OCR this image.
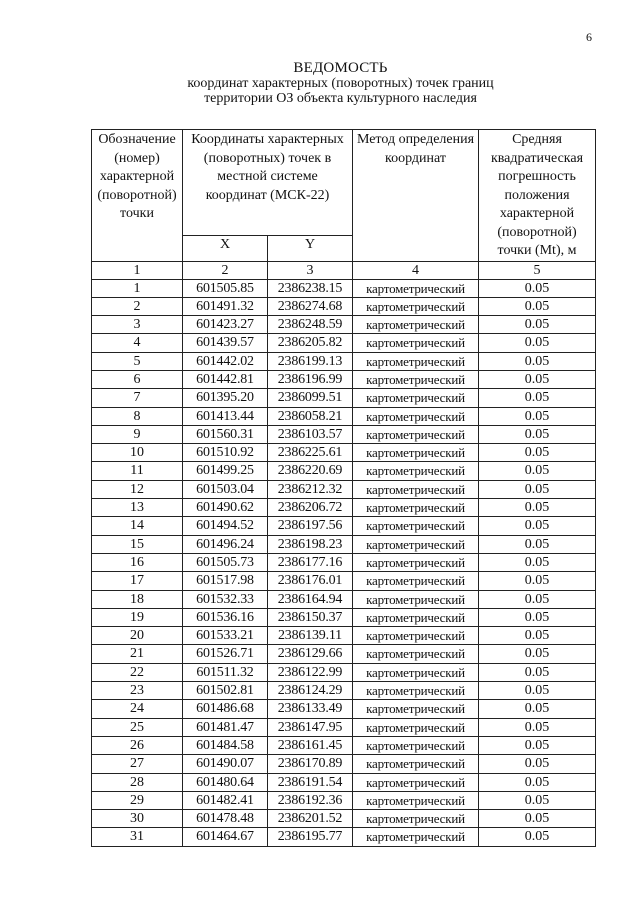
6
ВЕДОМОСТЬ
координат характерных (поворотных) точек границ
территории ОЗ объекта культурного наследия
Обозначение (номер) характерной (поворотной) точки	Координаты характерных (поворотных) точек в местной системе координат (МСК-22)		Метод определения координат	Средняя квадратическая погрешность положения характерной (поворотной) точки (Mt), м
	X	Y		
1	2	3	4	5
1	601505.85	2386238.15	картометрический	0.05
2	601491.32	2386274.68	картометрический	0.05
3	601423.27	2386248.59	картометрический	0.05
4	601439.57	2386205.82	картометрический	0.05
5	601442.02	2386199.13	картометрический	0.05
6	601442.81	2386196.99	картометрический	0.05
7	601395.20	2386099.51	картометрический	0.05
8	601413.44	2386058.21	картометрический	0.05
9	601560.31	2386103.57	картометрический	0.05
10	601510.92	2386225.61	картометрический	0.05
11	601499.25	2386220.69	картометрический	0.05
12	601503.04	2386212.32	картометрический	0.05
13	601490.62	2386206.72	картометрический	0.05
14	601494.52	2386197.56	картометрический	0.05
15	601496.24	2386198.23	картометрический	0.05
16	601505.73	2386177.16	картометрический	0.05
17	601517.98	2386176.01	картометрический	0.05
18	601532.33	2386164.94	картометрический	0.05
19	601536.16	2386150.37	картометрический	0.05
20	601533.21	2386139.11	картометрический	0.05
21	601526.71	2386129.66	картометрический	0.05
22	601511.32	2386122.99	картометрический	0.05
23	601502.81	2386124.29	картометрический	0.05
24	601486.68	2386133.49	картометрический	0.05
25	601481.47	2386147.95	картометрический	0.05
26	601484.58	2386161.45	картометрический	0.05
27	601490.07	2386170.89	картометрический	0.05
28	601480.64	2386191.54	картометрический	0.05
29	601482.41	2386192.36	картометрический	0.05
30	601478.48	2386201.52	картометрический	0.05
31	601464.67	2386195.77	картометрический	0.05
